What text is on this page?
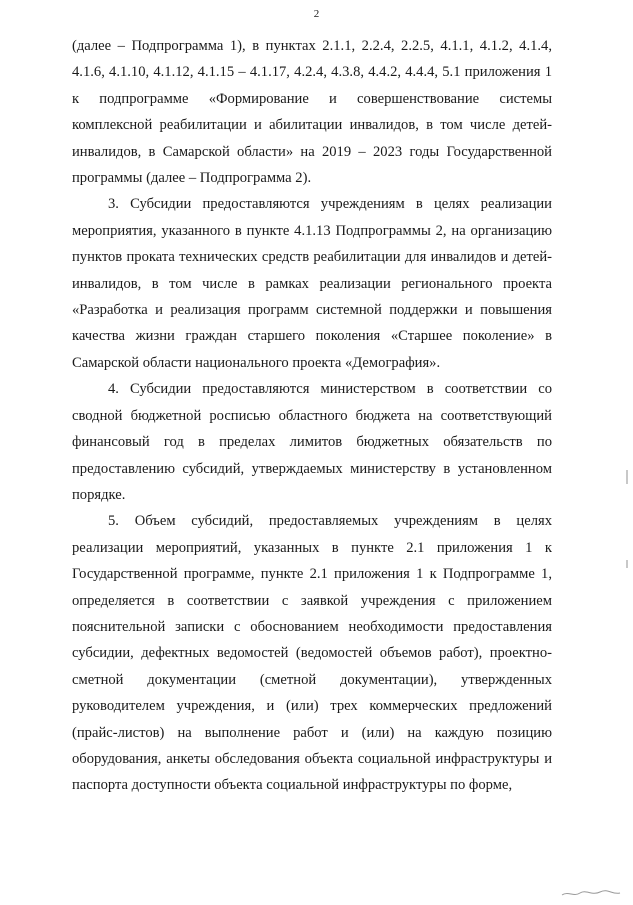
2

(далее – Подпрограмма 1), в пунктах 2.1.1, 2.2.4, 2.2.5, 4.1.1, 4.1.2, 4.1.4, 4.1.6, 4.1.10, 4.1.12, 4.1.15 – 4.1.17, 4.2.4, 4.3.8, 4.4.2, 4.4.4, 5.1 приложения 1 к подпрограмме «Формирование и совершенствование системы комплексной реабилитации и абилитации инвалидов, в том числе детей-инвалидов, в Самарской области» на 2019 – 2023 годы Государственной программы (далее – Подпрограмма 2).

3. Субсидии предоставляются учреждениям в целях реализации мероприятия, указанного в пункте 4.1.13 Подпрограммы 2, на организацию пунктов проката технических средств реабилитации для инвалидов и детей-инвалидов, в том числе в рамках реализации регионального проекта «Разработка и реализация программ системной поддержки и повышения качества жизни граждан старшего поколения «Старшее поколение» в Самарской области национального проекта «Демография».

4. Субсидии предоставляются министерством в соответствии со сводной бюджетной росписью областного бюджета на соответствующий финансовый год в пределах лимитов бюджетных обязательств по предоставлению субсидий, утверждаемых министерству в установленном порядке.

5. Объем субсидий, предоставляемых учреждениям в целях реализации мероприятий, указанных в пункте 2.1 приложения 1 к Государственной программе, пункте 2.1 приложения 1 к Подпрограмме 1, определяется в соответствии с заявкой учреждения с приложением пояснительной записки с обоснованием необходимости предоставления субсидии, дефектных ведомостей (ведомостей объемов работ), проектно-сметной документации (сметной документации), утвержденных руководителем учреждения, и (или) трех коммерческих предложений (прайс-листов) на выполнение работ и (или) на каждую позицию оборудования, анкеты обследования объекта социальной инфраструктуры и паспорта доступности объекта социальной инфраструктуры по форме,
